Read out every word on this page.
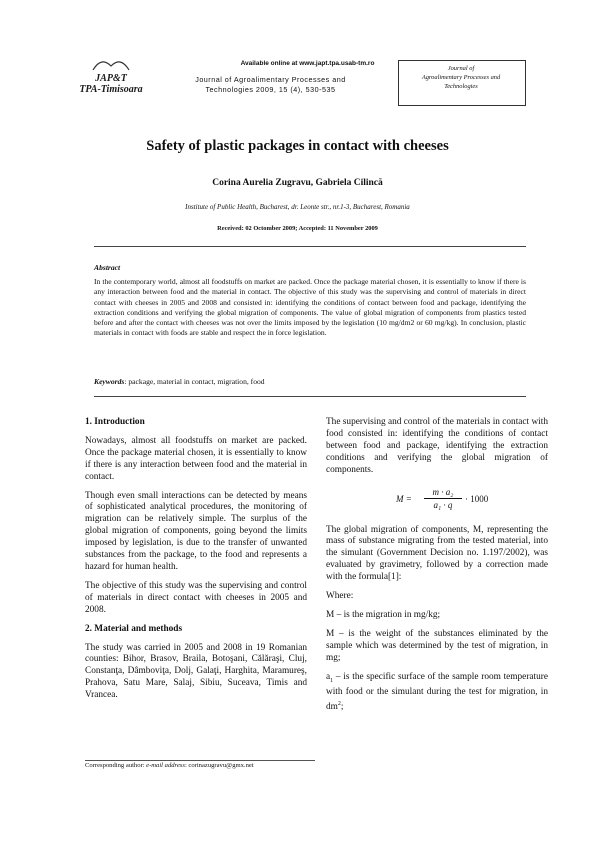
JAP&T
TPA-Timisoara
Available online at www.japt.tpa.usab-tm.ro
Journal of Agroalimentary Processes and
Technologies 2009, 15 (4), 530-535
Journal of
Agroalimentary Processes and
Technologies
Safety of plastic packages in contact with cheeses
Corina Aurelia Zugravu, Gabriela Cilincă
Institute of Public Health, Bucharest, dr. Leonte str., nr.1-3, Bucharest, Romania
Received: 02 Octomber 2009; Accepted: 11 November 2009
Abstract
In the contemporary world, almost all foodstuffs on market are packed. Once the package material chosen, it is essentially to know if there is any interaction between food and the material in contact. The objective of this study was the supervising and control of materials in direct contact with cheeses in 2005 and 2008 and consisted in: identifying the conditions of contact between food and package, identifying the extraction conditions and verifying the global migration of components. The value of global migration of components from plastics tested before and after the contact with cheeses was not over the limits imposed by the legislation (10 mg/dm2 or 60 mg/kg). In conclusion, plastic materials in contact with foods are stable and respect the in force legislation.
Keywords: package, material in contact, migration, food
1. Introduction

Nowadays, almost all foodstuffs on market are packed. Once the package material chosen, it is essentially to know if there is any interaction between food and the material in contact.

Though even small interactions can be detected by means of sophisticated analytical procedures, the monitoring of migration can be relatively simple. The surplus of the global migration of components, going beyond the limits imposed by legislation, is due to the transfer of unwanted substances from the package, to the food and represents a hazard for human health.

The objective of this study was the supervising and control of materials in direct contact with cheeses in 2005 and 2008.

2. Material and methods

The study was carried in 2005 and 2008 in 19 Romanian counties: Bihor, Brasov, Braila, Botoşani, Călăraşi, Cluj, Constanţa, Dâmboviţa, Dolj, Galaţi, Harghita, Maramureş, Prahova, Satu Mare, Salaj, Sibiu, Suceava, Timis and Vrancea.

The supervising and control of the materials in contact with food consisted in: identifying the conditions of contact between food and package, identifying the extraction conditions and verifying the global migration of components.

$M = \frac{\text{m · a₂}}{\text{a₁ · q}} \cdot 1000$

The global migration of components, M, representing the mass of substance migrating from the tested material, into the simulant (Government Decision no. 1.197/2002), was evaluated by gravimetry, followed by a correction made with the formula[1]:

Where:

M – is the migration in mg/kg;

M – is the weight of the substances eliminated by the sample which was determined by the test of migration, in mg;

$a_1$ – is the specific surface of the sample room temperature with food or the simulant during the test for migration, in $dm^2$;

Corresponding author: e-mail address: corinazugravu@gmx.net
